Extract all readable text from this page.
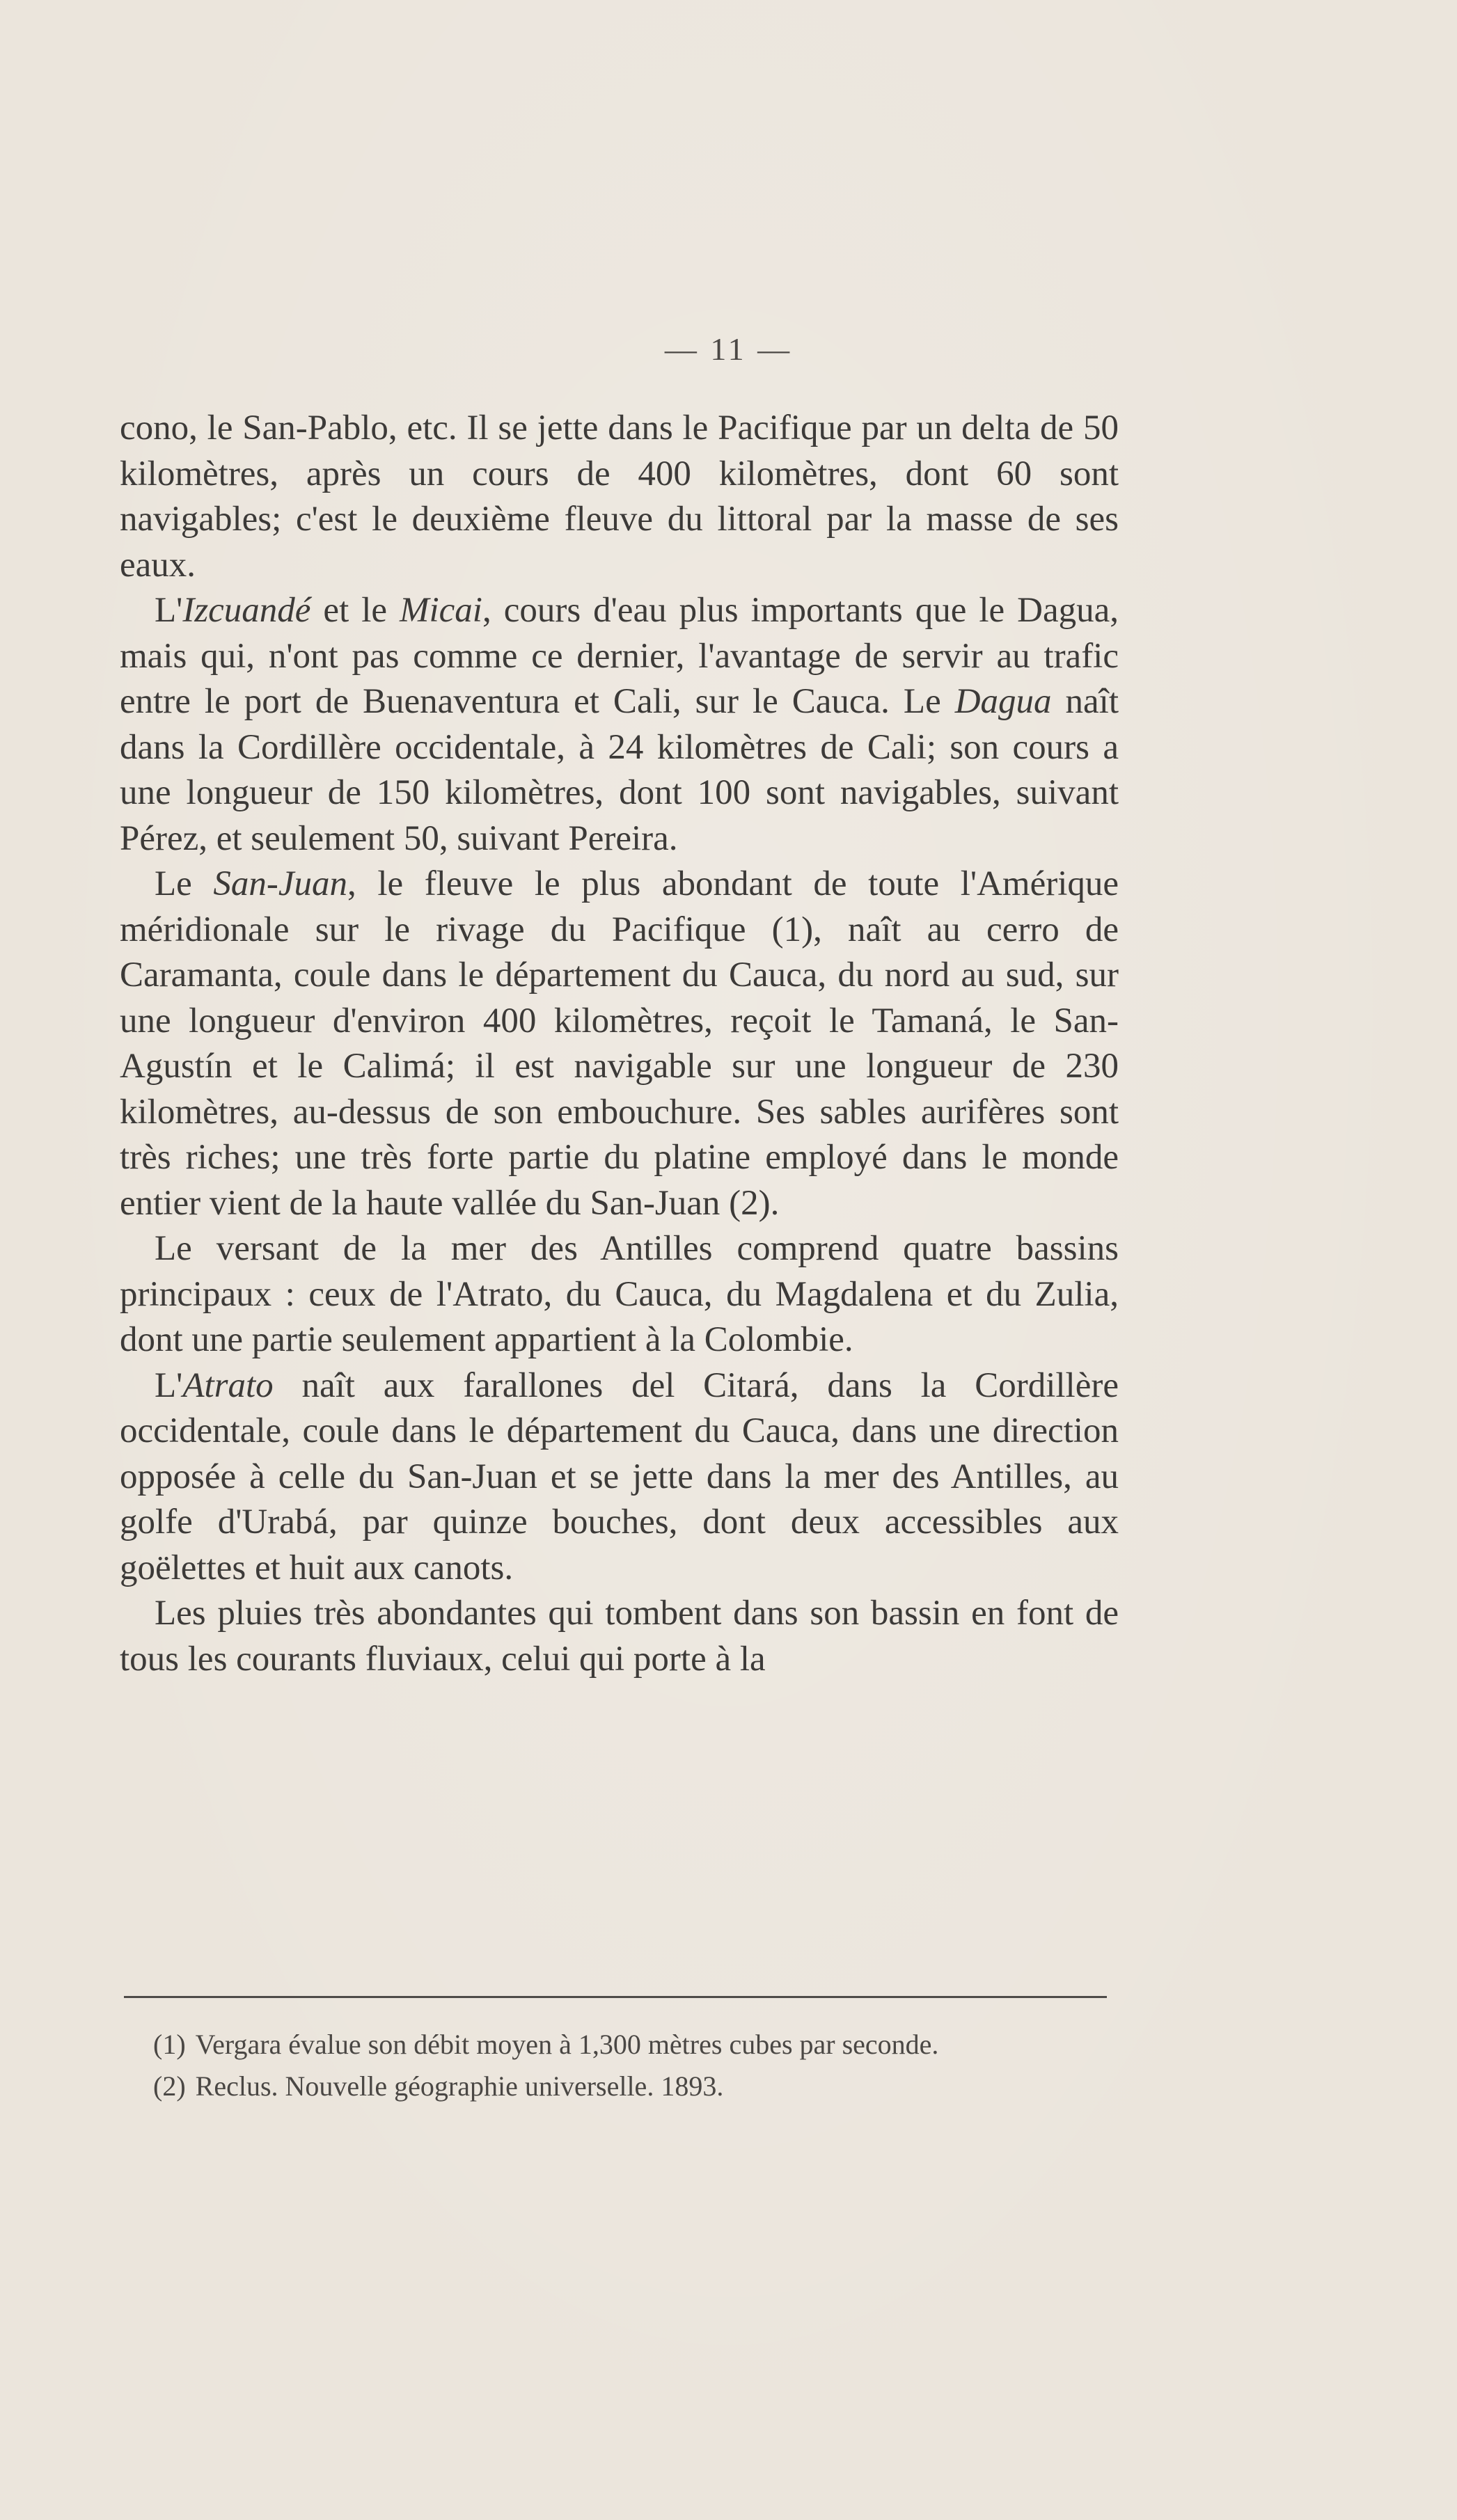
— 11 —

cono, le San-Pablo, etc. Il se jette dans le Pacifique par un delta de 50 kilomètres, après un cours de 400 kilomètres, dont 60 sont navigables; c'est le deuxième fleuve du littoral par la masse de ses eaux.

L'Izcuandé et le Micai, cours d'eau plus importants que le Dagua, mais qui, n'ont pas comme ce dernier, l'avantage de servir au trafic entre le port de Buenaventura et Cali, sur le Cauca. Le Dagua naît dans la Cordillère occidentale, à 24 kilomètres de Cali; son cours a une longueur de 150 kilomètres, dont 100 sont navigables, suivant Pérez, et seulement 50, suivant Pereira.

Le San-Juan, le fleuve le plus abondant de toute l'Amérique méridionale sur le rivage du Pacifique (1), naît au cerro de Caramanta, coule dans le département du Cauca, du nord au sud, sur une longueur d'environ 400 kilomètres, reçoit le Tamaná, le San-Agustín et le Calimá; il est navigable sur une longueur de 230 kilomètres, au-dessus de son embouchure. Ses sables aurifères sont très riches; une très forte partie du platine employé dans le monde entier vient de la haute vallée du San-Juan (2).

Le versant de la mer des Antilles comprend quatre bassins principaux : ceux de l'Atrato, du Cauca, du Magdalena et du Zulia, dont une partie seulement appartient à la Colombie.

L'Atrato naît aux farallones del Citará, dans la Cordillère occidentale, coule dans le département du Cauca, dans une direction opposée à celle du San-Juan et se jette dans la mer des Antilles, au golfe d'Urabá, par quinze bouches, dont deux accessibles aux goëlettes et huit aux canots.

Les pluies très abondantes qui tombent dans son bassin en font de tous les courants fluviaux, celui qui porte à la

(1) Vergara évalue son débit moyen à 1,300 mètres cubes par seconde.

(2) Reclus. Nouvelle géographie universelle. 1893.
